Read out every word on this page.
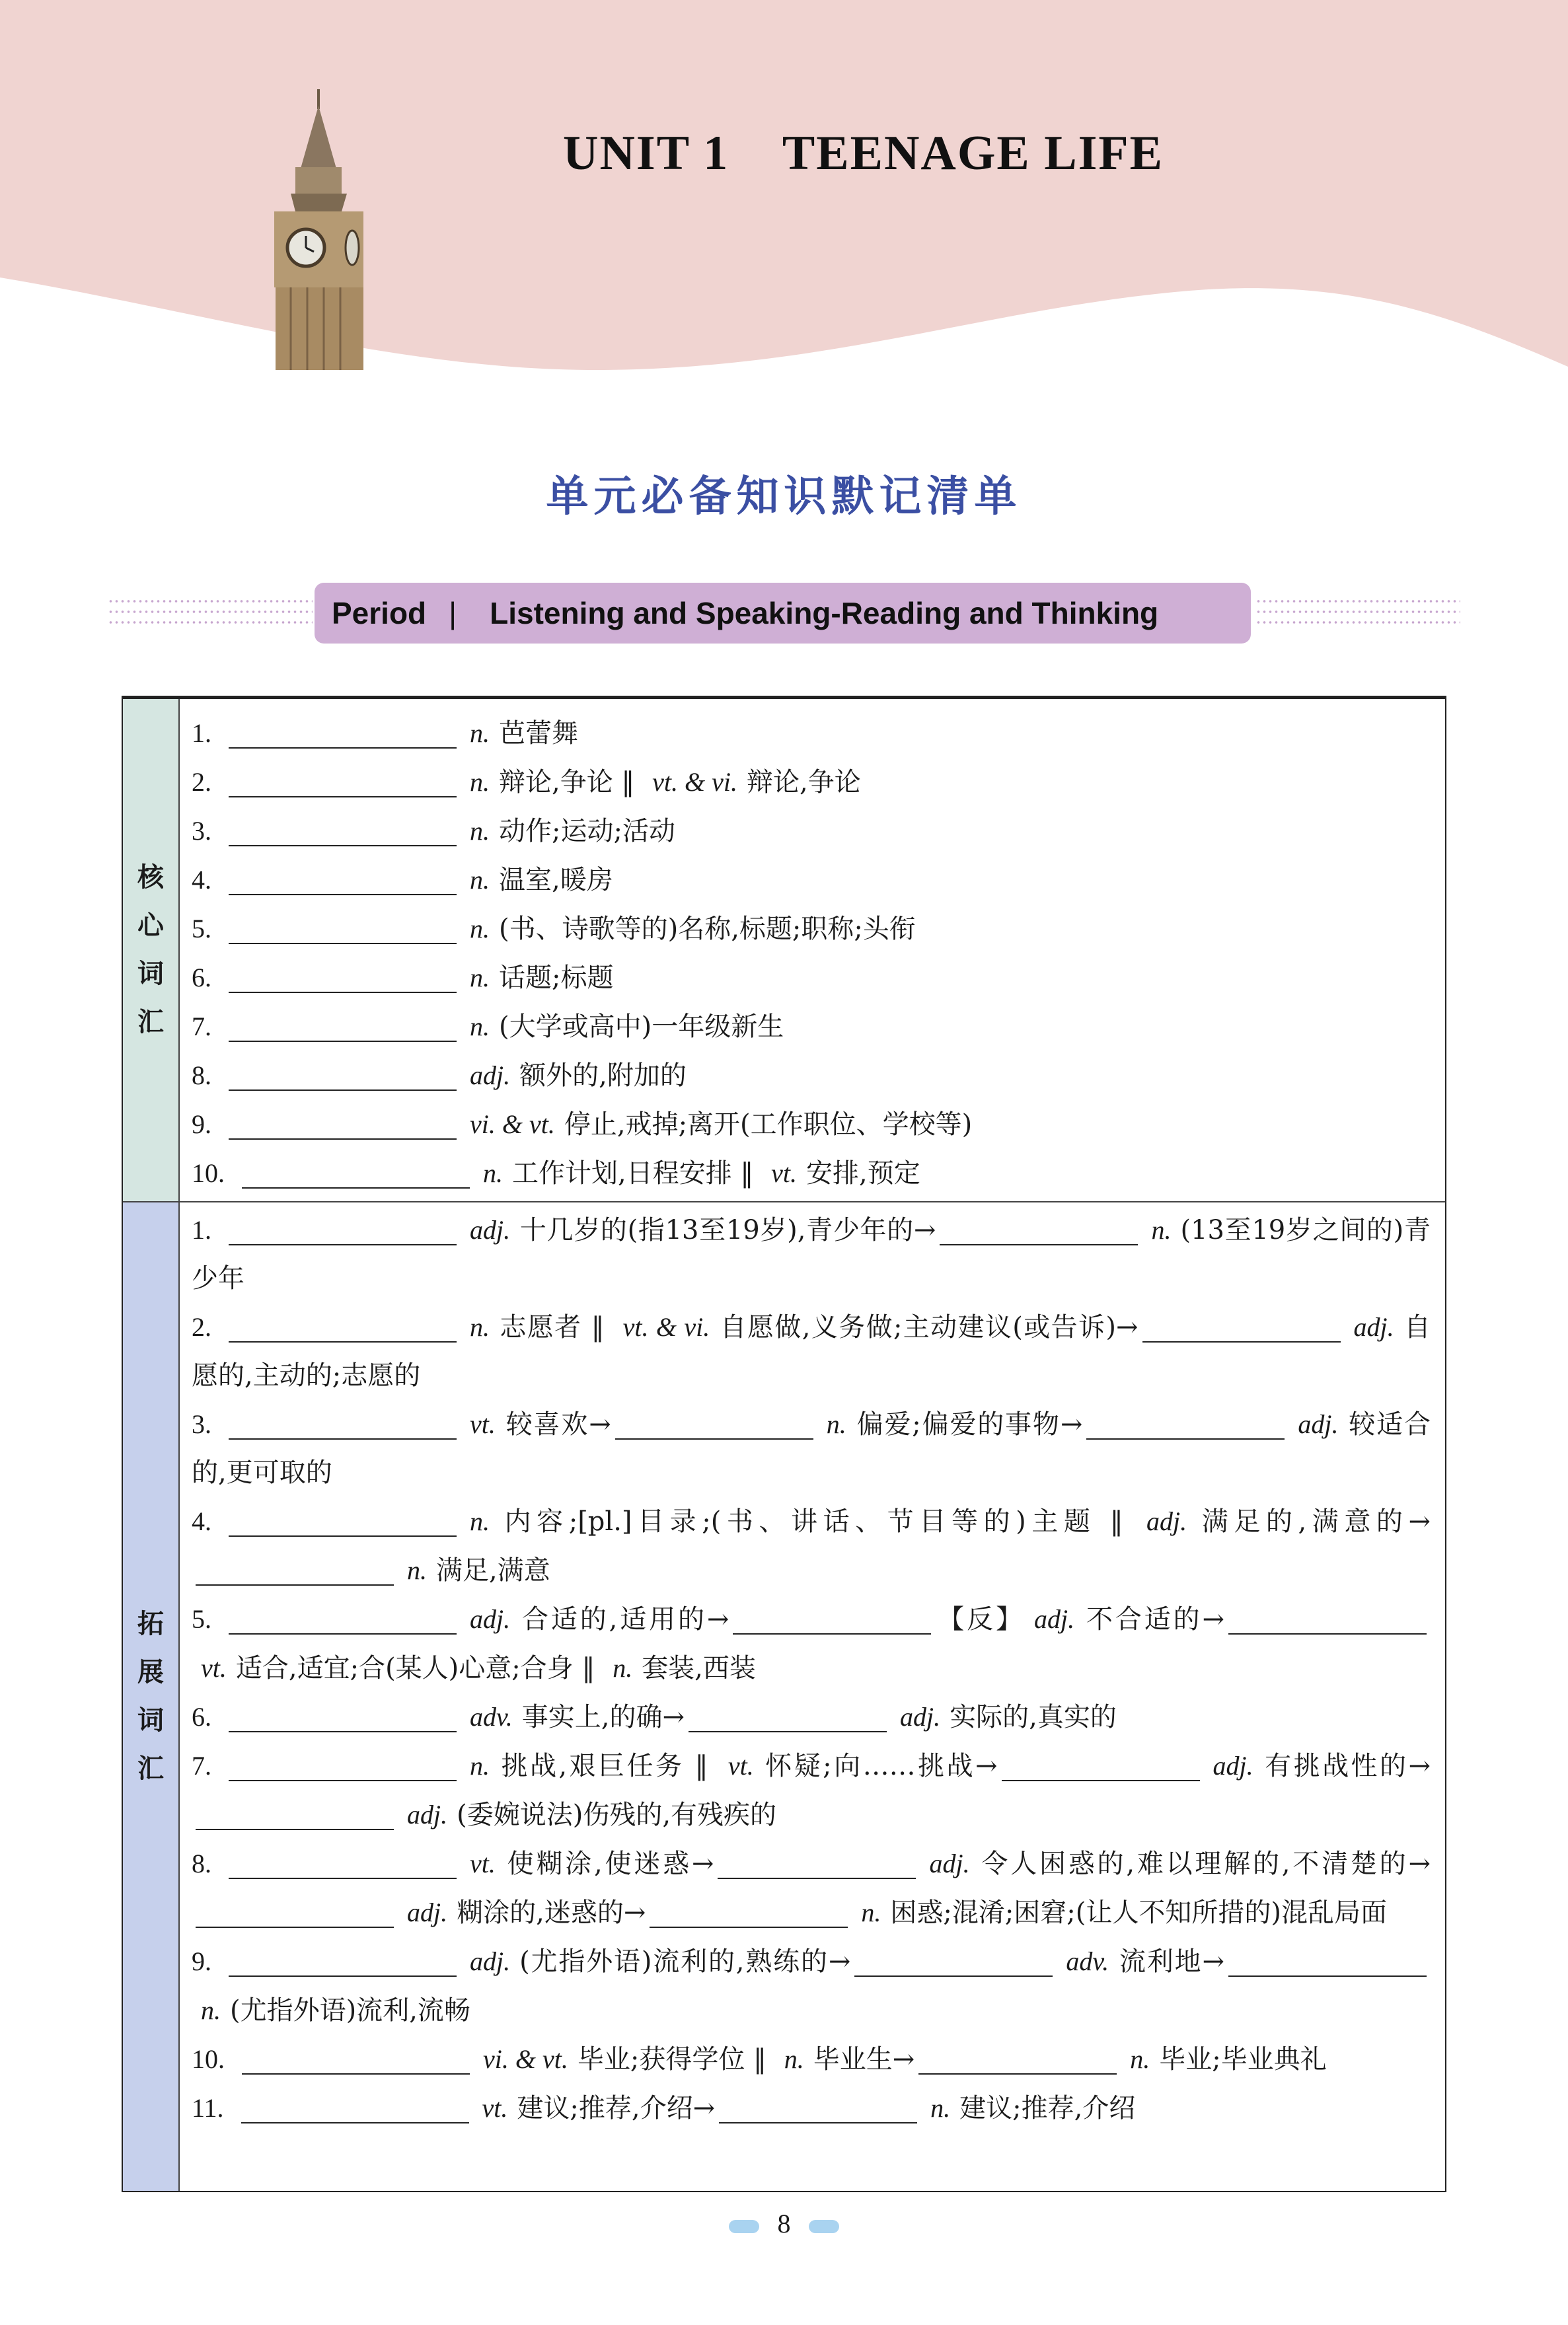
UNIT 1    TEENAGE LIFE
单元必备知识默记清单
Period | Listening and Speaking-Reading and Thinking
核
心
词
汇
1.	n. 芭蕾舞
2.	n. 辩论,争论 ‖ vt. & vi. 辩论,争论
3.	n. 动作;运动;活动
4.	n. 温室,暖房
5.	n. (书、诗歌等的)名称,标题;职称;头衔
6.	n. 话题;标题
7.	n. (大学或高中)一年级新生
8.	adj. 额外的,附加的
9.	vi. & vt. 停止,戒掉;离开(工作职位、学校等)
10.	n. 工作计划,日程安排 ‖ vt. 安排,预定
拓
展
词
汇
1.	adj. 十几岁的(指13至19岁),青少年的→	n. (13至19岁之间的)青少年
2.	n. 志愿者 ‖ vt. & vi. 自愿做,义务做;主动建议(或告诉)→	adj. 自愿的,主动的;志愿的
3.	vt. 较喜欢→	n. 偏爱;偏爱的事物→	adj. 较适合的,更可取的
4.	n. 内容;[pl.]目录;(书、讲话、节目等的)主题 ‖ adj. 满足的,满意的→n. 满足,满意
5.	adj. 合适的,适用的→	【反】 adj. 不合适的→vt. 适合,适宜;合(某人)心意;合身 ‖ n. 套装,西装
6.	adv. 事实上,的确→	adj. 实际的,真实的
7.	n. 挑战,艰巨任务 ‖ vt. 怀疑;向……挑战→	adj. 有挑战性的→adj. (委婉说法)伤残的,有残疾的
8.	vt. 使糊涂,使迷惑→	adj. 令人困惑的,难以理解的,不清楚的→adj. 糊涂的,迷惑的→	n. 困惑;混淆;困窘;(让人不知所措的)混乱局面
9.	adj. (尤指外语)流利的,熟练的→	adv. 流利地→n. (尤指外语)流利,流畅
10.	vi. & vt. 毕业;获得学位 ‖ n. 毕业生→	n. 毕业;毕业典礼
11.	vt. 建议;推荐,介绍→	n. 建议;推荐,介绍
8
